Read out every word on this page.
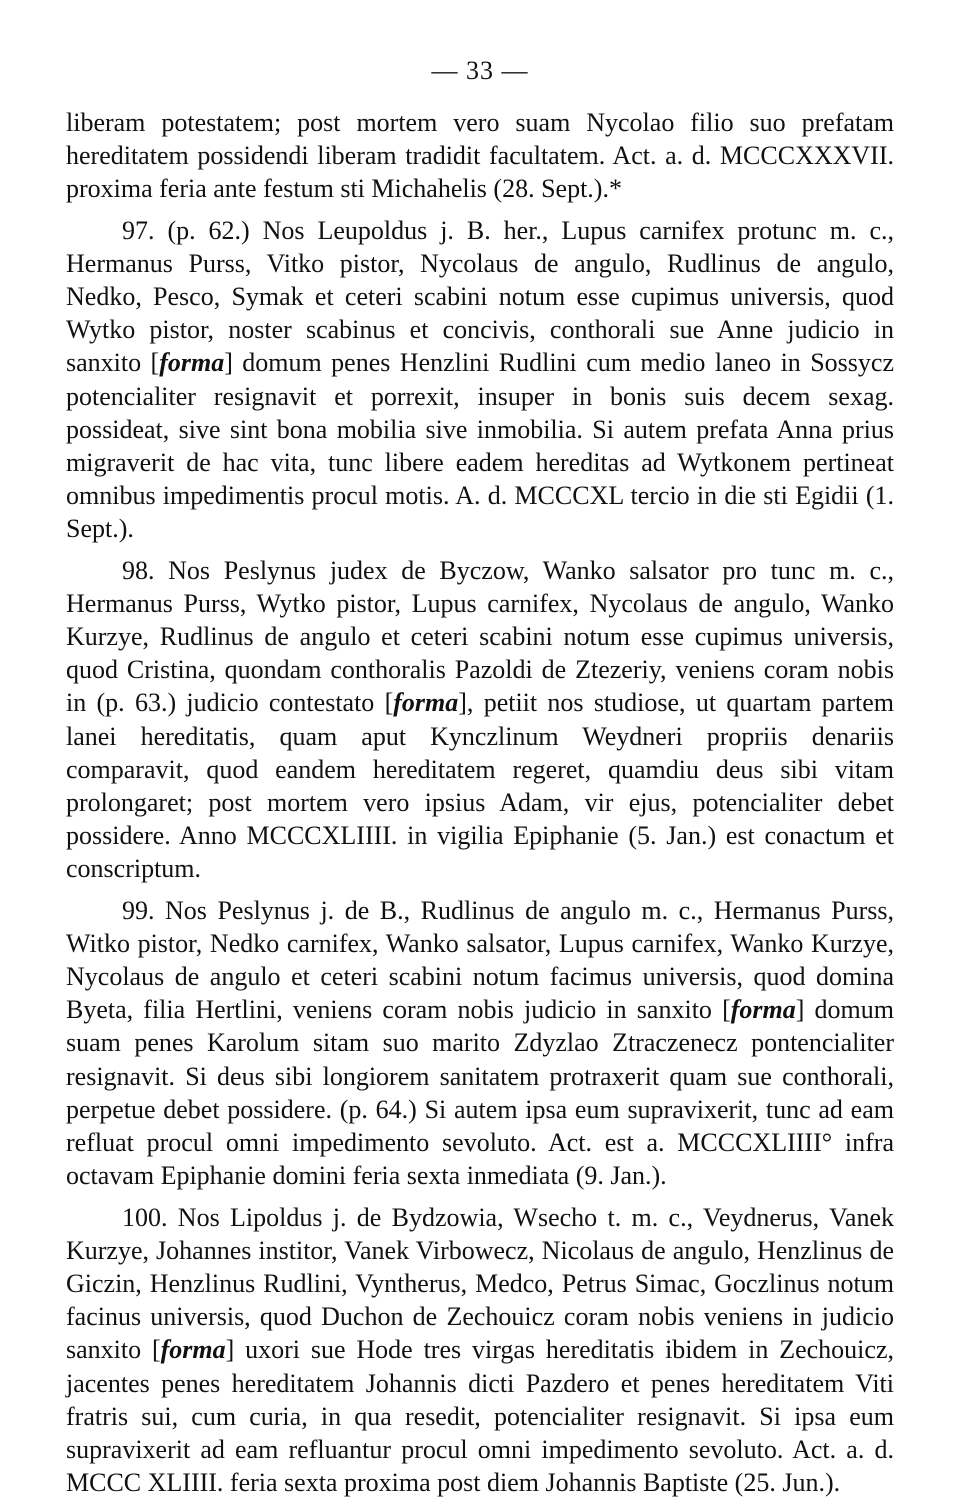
— 33 —

liberam potestatem; post mortem vero suam Nycolao filio suo prefatam hereditatem possidendi liberam tradidit facultatem. Act. a. d. MCCCXXXVII. proxima feria ante festum sti Michahelis (28. Sept.).*

97. (p. 62.) Nos Leupoldus j. B. her., Lupus carnifex protunc m. c., Hermanus Purss, Vitko pistor, Nycolaus de angulo, Rudlinus de angulo, Nedko, Pesco, Symak et ceteri scabini notum esse cupimus universis, quod Wytko pistor, noster scabinus et concivis, conthorali sue Anne judicio in sanxito [forma] domum penes Henzlini Rudlini cum medio laneo in Sossycz potencialiter resignavit et porrexit, insuper in bonis suis decem sexag. possideat, sive sint bona mobilia sive inmobilia. Si autem prefata Anna prius migraverit de hac vita, tunc libere eadem hereditas ad Wytkonem pertineat omnibus impedimentis procul motis. A. d. MCCCXL tercio in die sti Egidii (1. Sept.).

98. Nos Peslynus judex de Byczow, Wanko salsator pro tunc m. c., Hermanus Purss, Wytko pistor, Lupus carnifex, Nycolaus de angulo, Wanko Kurzye, Rudlinus de angulo et ceteri scabini notum esse cupimus universis, quod Cristina, quondam conthoralis Pazoldi de Ztezeriy, veniens coram nobis in (p. 63.) judicio contestato [forma], petiit nos studiose, ut quartam partem lanei hereditatis, quam aput Kynczlinum Weydneri propriis denariis comparavit, quod eandem hereditatem regeret, quamdiu deus sibi vitam prolongaret; post mortem vero ipsius Adam, vir ejus, potencialiter debet possidere. Anno MCCCXLIIII. in vigilia Epiphanie (5. Jan.) est conactum et conscriptum.

99. Nos Peslynus j. de B., Rudlinus de angulo m. c., Hermanus Purss, Witko pistor, Nedko carnifex, Wanko salsator, Lupus carnifex, Wanko Kurzye, Nycolaus de angulo et ceteri scabini notum facimus universis, quod domina Byeta, filia Hertlini, veniens coram nobis judicio in sanxito [forma] domum suam penes Karolum sitam suo marito Zdyzlao Ztraczenecz pontencialiter resignavit. Si deus sibi longiorem sanitatem protraxerit quam sue conthorali, perpetue debet possidere. (p. 64.) Si autem ipsa eum supravixerit, tunc ad eam refluat procul omni impedimento sevoluto. Act. est a. MCCCXLIIII° infra octavam Epiphanie domini feria sexta inmediata (9. Jan.).

100. Nos Lipoldus j. de Bydzowia, Wsecho t. m. c., Veydnerus, Vanek Kurzye, Johannes institor, Vanek Virbowecz, Nicolaus de angulo, Henzlinus de Giczin, Henzlinus Rudlini, Vyntherus, Medco, Petrus Simac, Goczlinus notum facinus universis, quod Duchon de Zechouicz coram nobis veniens in judicio sanxito [forma] uxori sue Hode tres virgas hereditatis ibidem in Zechouicz, jacentes penes hereditatem Johannis dicti Pazdero et penes hereditatem Viti fratris sui, cum curia, in qua resedit, potencialiter resignavit. Si ipsa eum supravixerit ad eam refluantur procul omni impedimento sevoluto. Act. a. d. MCCC XLIIII. feria sexta proxima post diem Johannis Baptiste (25. Jun.).
